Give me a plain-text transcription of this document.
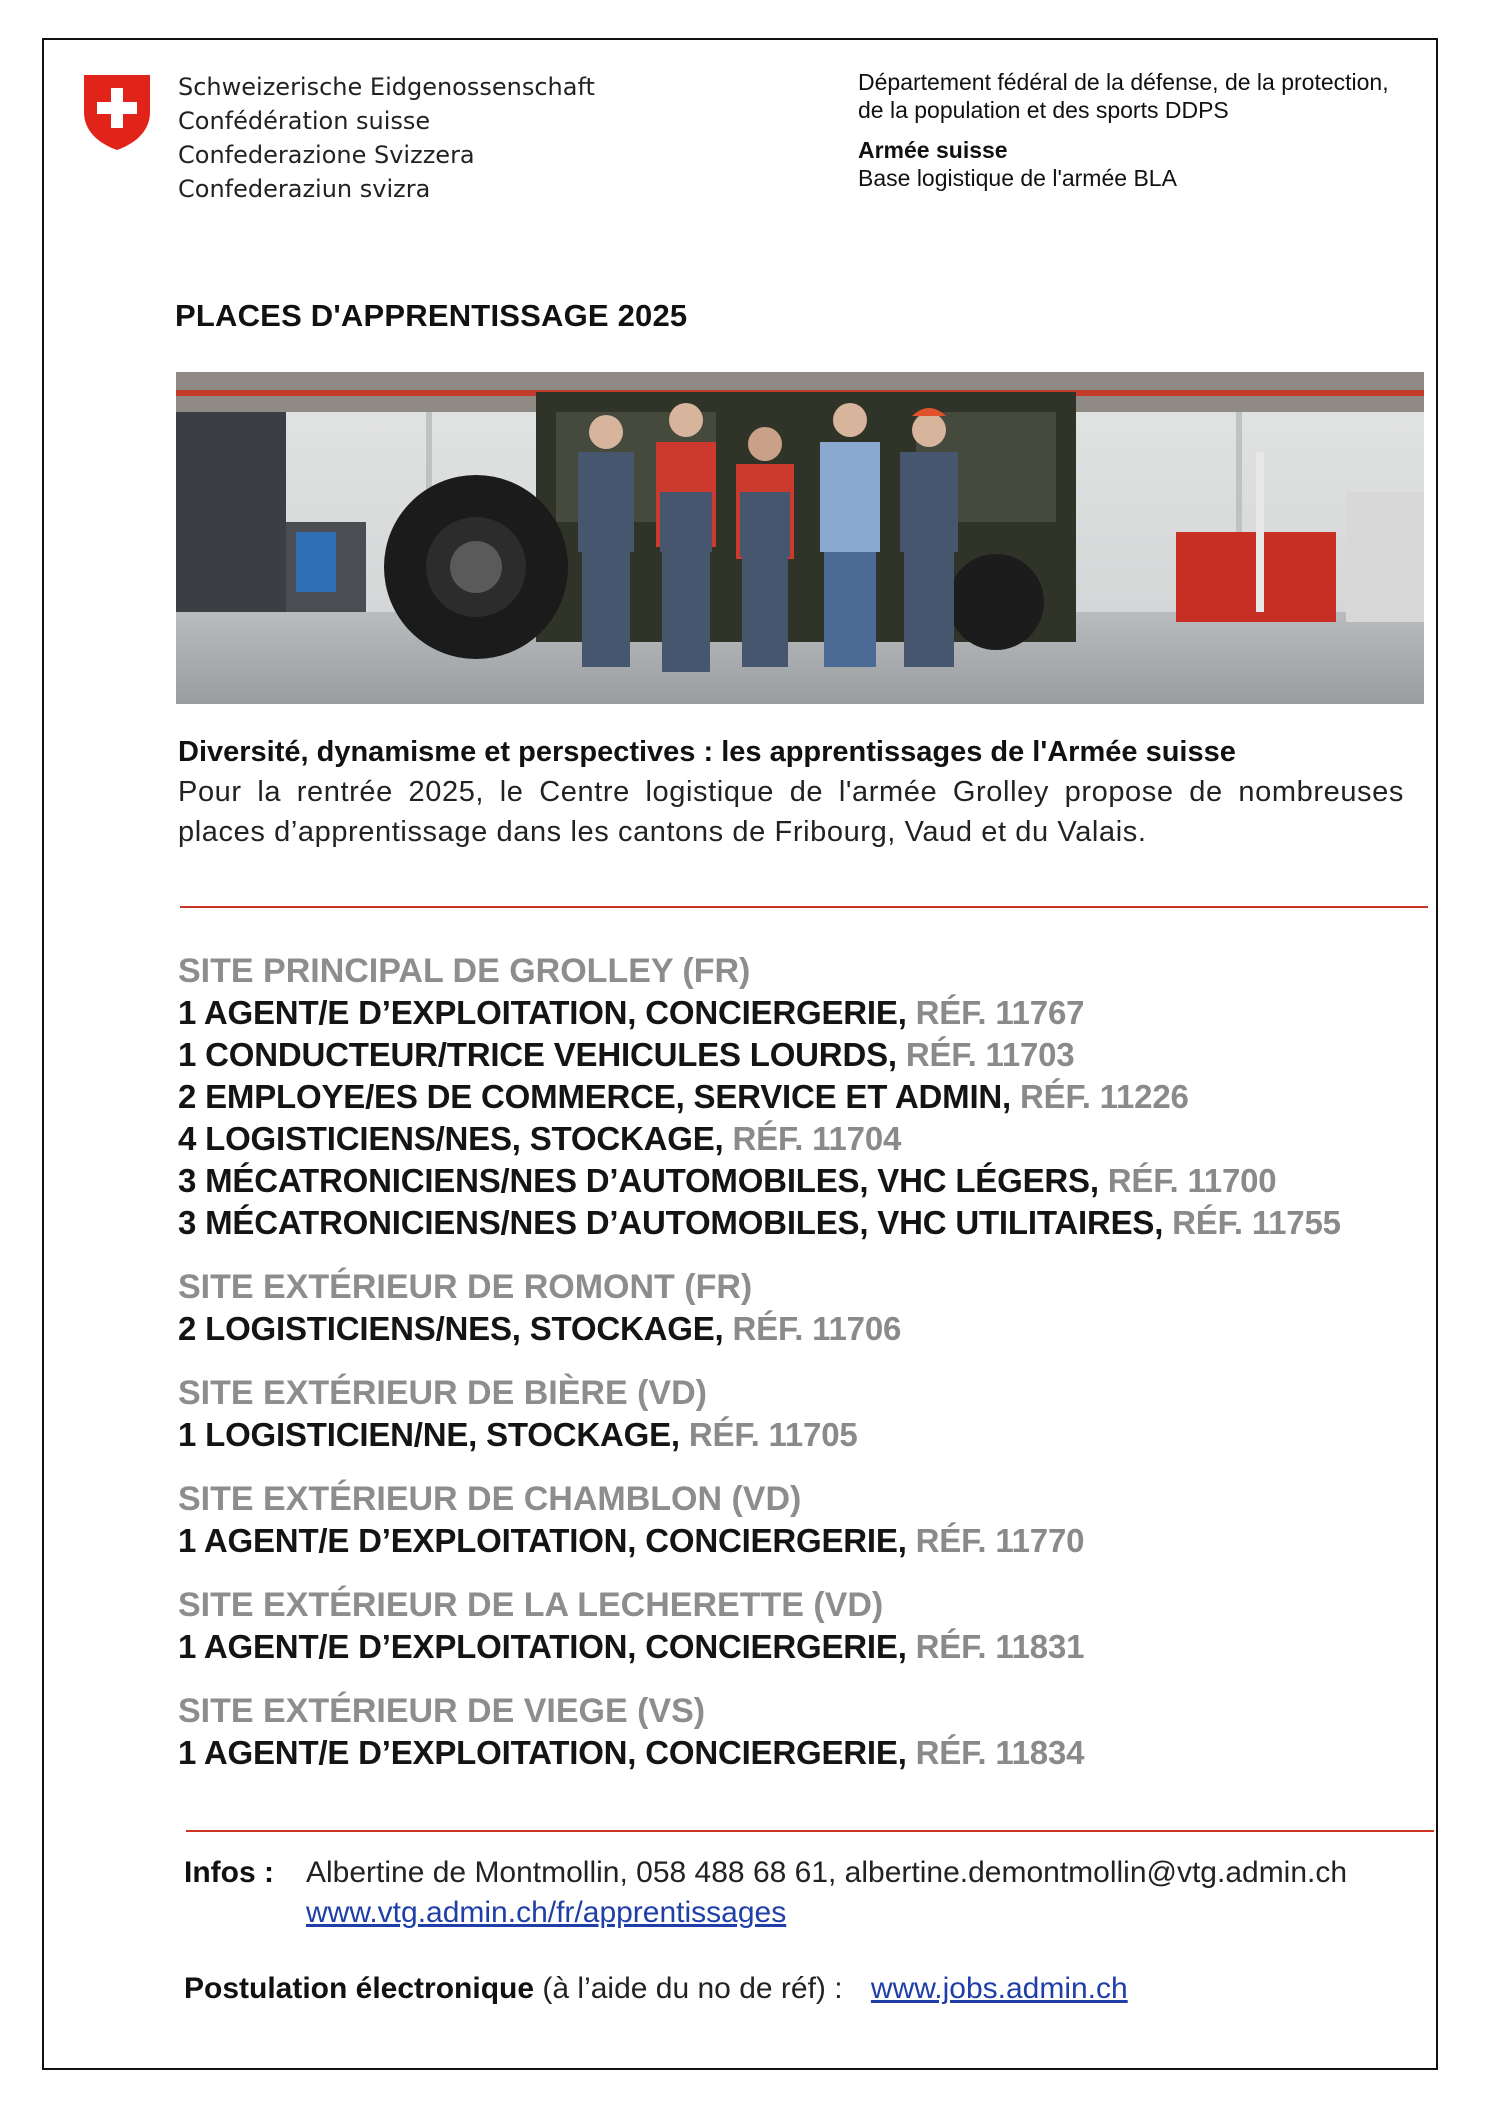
Schweizerische Eidgenossenschaft
Confédération suisse
Confederazione Svizzera
Confederaziun svizra
Département fédéral de la défense, de la protection,
de la population et des sports DDPS
Armée suisse
Base logistique de l'armée BLA
PLACES D'APPRENTISSAGE 2025
Diversité, dynamisme et perspectives : les apprentissages de l'Armée suisse
Pour la rentrée 2025, le Centre logistique de l'armée Grolley propose de nombreuses places d’apprentissage dans les cantons de Fribourg, Vaud et du Valais.
SITE PRINCIPAL DE GROLLEY (FR)
1 AGENT/E D’EXPLOITATION, CONCIERGERIE, RÉF. 11767
1 CONDUCTEUR/TRICE VEHICULES LOURDS, RÉF. 11703
2 EMPLOYE/ES DE COMMERCE, SERVICE ET ADMIN, RÉF. 11226
4 LOGISTICIENS/NES, STOCKAGE, RÉF. 11704
3 MÉCATRONICIENS/NES D’AUTOMOBILES, VHC LÉGERS, RÉF. 11700
3 MÉCATRONICIENS/NES D’AUTOMOBILES, VHC UTILITAIRES, RÉF. 11755
SITE EXTÉRIEUR DE ROMONT (FR)
2 LOGISTICIENS/NES, STOCKAGE, RÉF. 11706
SITE EXTÉRIEUR DE BIÈRE (VD)
1 LOGISTICIEN/NE, STOCKAGE, RÉF. 11705
SITE EXTÉRIEUR DE CHAMBLON (VD)
1 AGENT/E D’EXPLOITATION, CONCIERGERIE, RÉF. 11770
SITE EXTÉRIEUR DE LA LECHERETTE (VD)
1 AGENT/E D’EXPLOITATION, CONCIERGERIE, RÉF. 11831
SITE EXTÉRIEUR DE VIEGE (VS)
1 AGENT/E D’EXPLOITATION, CONCIERGERIE, RÉF. 11834
Infos : Albertine de Montmollin, 058 488 68 61, albertine.demontmollin@vtg.admin.ch
www.vtg.admin.ch/fr/apprentissages
Postulation électronique (à l’aide du no de réf) : www.jobs.admin.ch
